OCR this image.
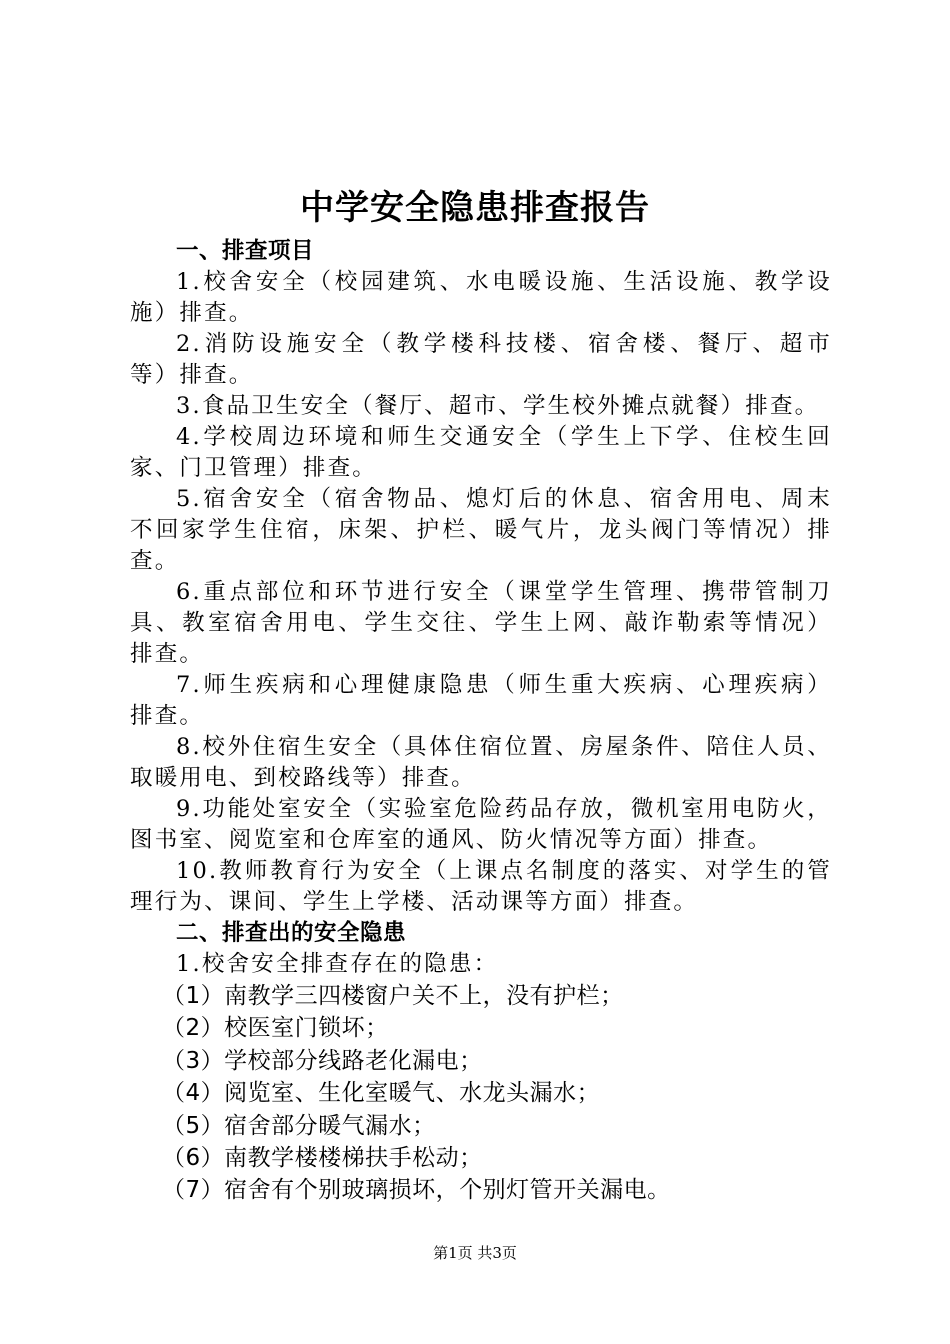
中学安全隐患排查报告
一、排查项目
1.校舍安全（校园建筑、水电暖设施、生活设施、教学设
施）排查。
2.消防设施安全（教学楼科技楼、宿舍楼、餐厅、超市
等）排查。
3.食品卫生安全（餐厅、超市、学生校外摊点就餐）排查。
4.学校周边环境和师生交通安全（学生上下学、住校生回
家、门卫管理）排查。
5.宿舍安全（宿舍物品、熄灯后的休息、宿舍用电、周末
不回家学生住宿，床架、护栏、暖气片，龙头阀门等情况）排
查。
6.重点部位和环节进行安全（课堂学生管理、携带管制刀
具、教室宿舍用电、学生交往、学生上网、敲诈勒索等情况）
排查。
7.师生疾病和心理健康隐患（师生重大疾病、心理疾病）
排查。
8.校外住宿生安全（具体住宿位置、房屋条件、陪住人员、
取暖用电、到校路线等）排查。
9.功能处室安全（实验室危险药品存放，微机室用电防火，
图书室、阅览室和仓库室的通风、防火情况等方面）排查。
10.教师教育行为安全（上课点名制度的落实、对学生的管
理行为、课间、学生上学楼、活动课等方面）排查。
二、排查出的安全隐患
1.校舍安全排查存在的隐患：
（1）南教学三四楼窗户关不上，没有护栏；
（2）校医室门锁坏；
（3）学校部分线路老化漏电；
（4）阅览室、生化室暖气、水龙头漏水；
（5）宿舍部分暖气漏水；
（6）南教学楼楼梯扶手松动；
（7）宿舍有个别玻璃损坏，个别灯管开关漏电。
第1页 共3页
